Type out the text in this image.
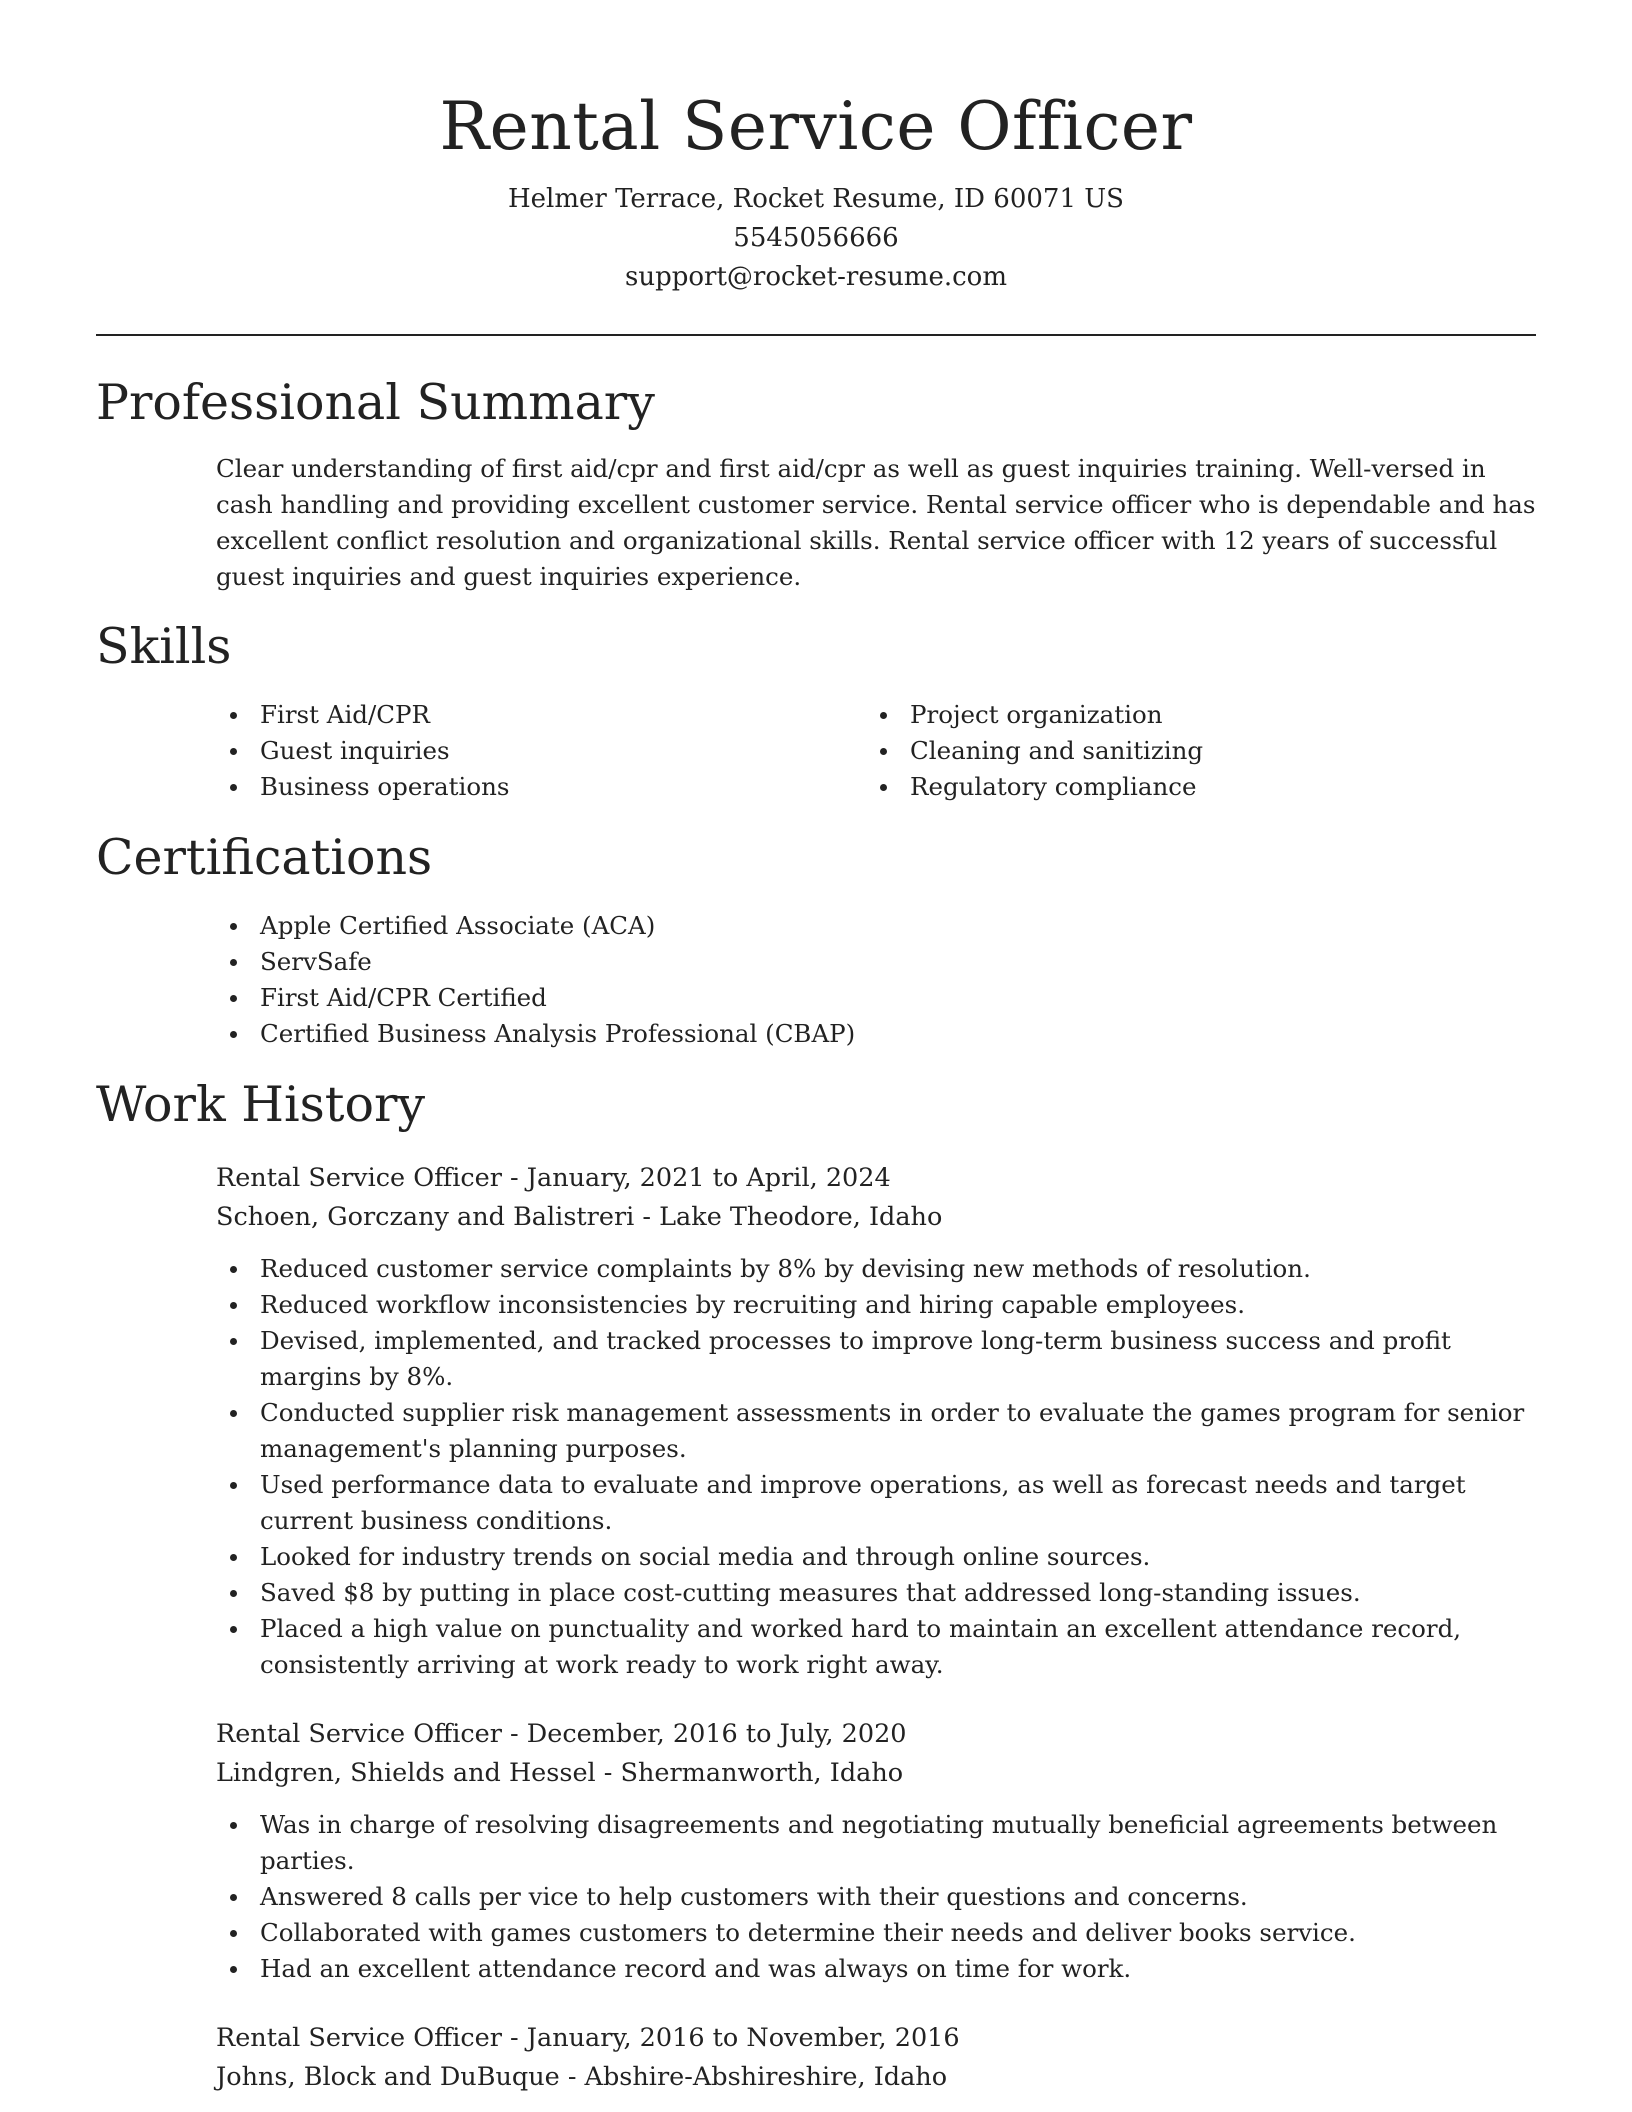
Rental Service Officer
Helmer Terrace, Rocket Resume, ID 60071 US
5545056666
support@rocket-resume.com
Professional Summary

Clear understanding of first aid/cpr and first aid/cpr as well as guest inquiries training. Well-versed in cash handling and providing excellent customer service. Rental service officer who is dependable and has excellent conflict resolution and organizational skills. Rental service officer with 12 years of successful guest inquiries and guest inquiries experience.

Skills
First Aid/CPR
Guest inquiries
Business operations
Project organization
Cleaning and sanitizing
Regulatory compliance
Certifications
Apple Certified Associate (ACA)
ServSafe
First Aid/CPR Certified
Certified Business Analysis Professional (CBAP)
Work History
Rental Service Officer - January, 2021 to April, 2024
Schoen, Gorczany and Balistreri - Lake Theodore, Idaho
Reduced customer service complaints by 8% by devising new methods of resolution.
Reduced workflow inconsistencies by recruiting and hiring capable employees.
Devised, implemented, and tracked processes to improve long-term business success and profit margins by 8%.
Conducted supplier risk management assessments in order to evaluate the games program for senior management's planning purposes.
Used performance data to evaluate and improve operations, as well as forecast needs and target current business conditions.
Looked for industry trends on social media and through online sources.
Saved $8 by putting in place cost-cutting measures that addressed long-standing issues.
Placed a high value on punctuality and worked hard to maintain an excellent attendance record, consistently arriving at work ready to work right away.
Rental Service Officer - December, 2016 to July, 2020
Lindgren, Shields and Hessel - Shermanworth, Idaho
Was in charge of resolving disagreements and negotiating mutually beneficial agreements between parties.
Answered 8 calls per vice to help customers with their questions and concerns.
Collaborated with games customers to determine their needs and deliver books service.
Had an excellent attendance record and was always on time for work.
Rental Service Officer - January, 2016 to November, 2016
Johns, Block and DuBuque - Abshire-Abshireshire, Idaho
